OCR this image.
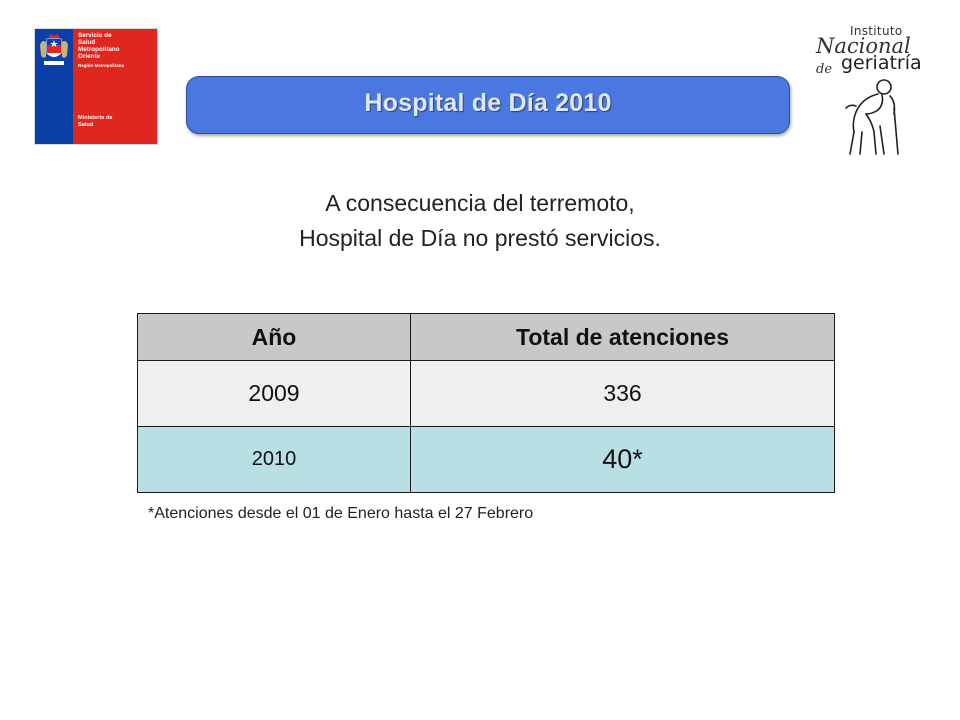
Servicio de
Salud
Metropolitano
Oriente
Región Metropolitana
Ministerio de
Salud
Instituto
Nacional
de geriatría
Hospital de Día 2010
A consecuencia del terremoto,
Hospital de Día no prestó servicios.
Año	Total de atenciones
2009	336
2010	40*
*Atenciones desde el 01 de Enero hasta el 27 Febrero
